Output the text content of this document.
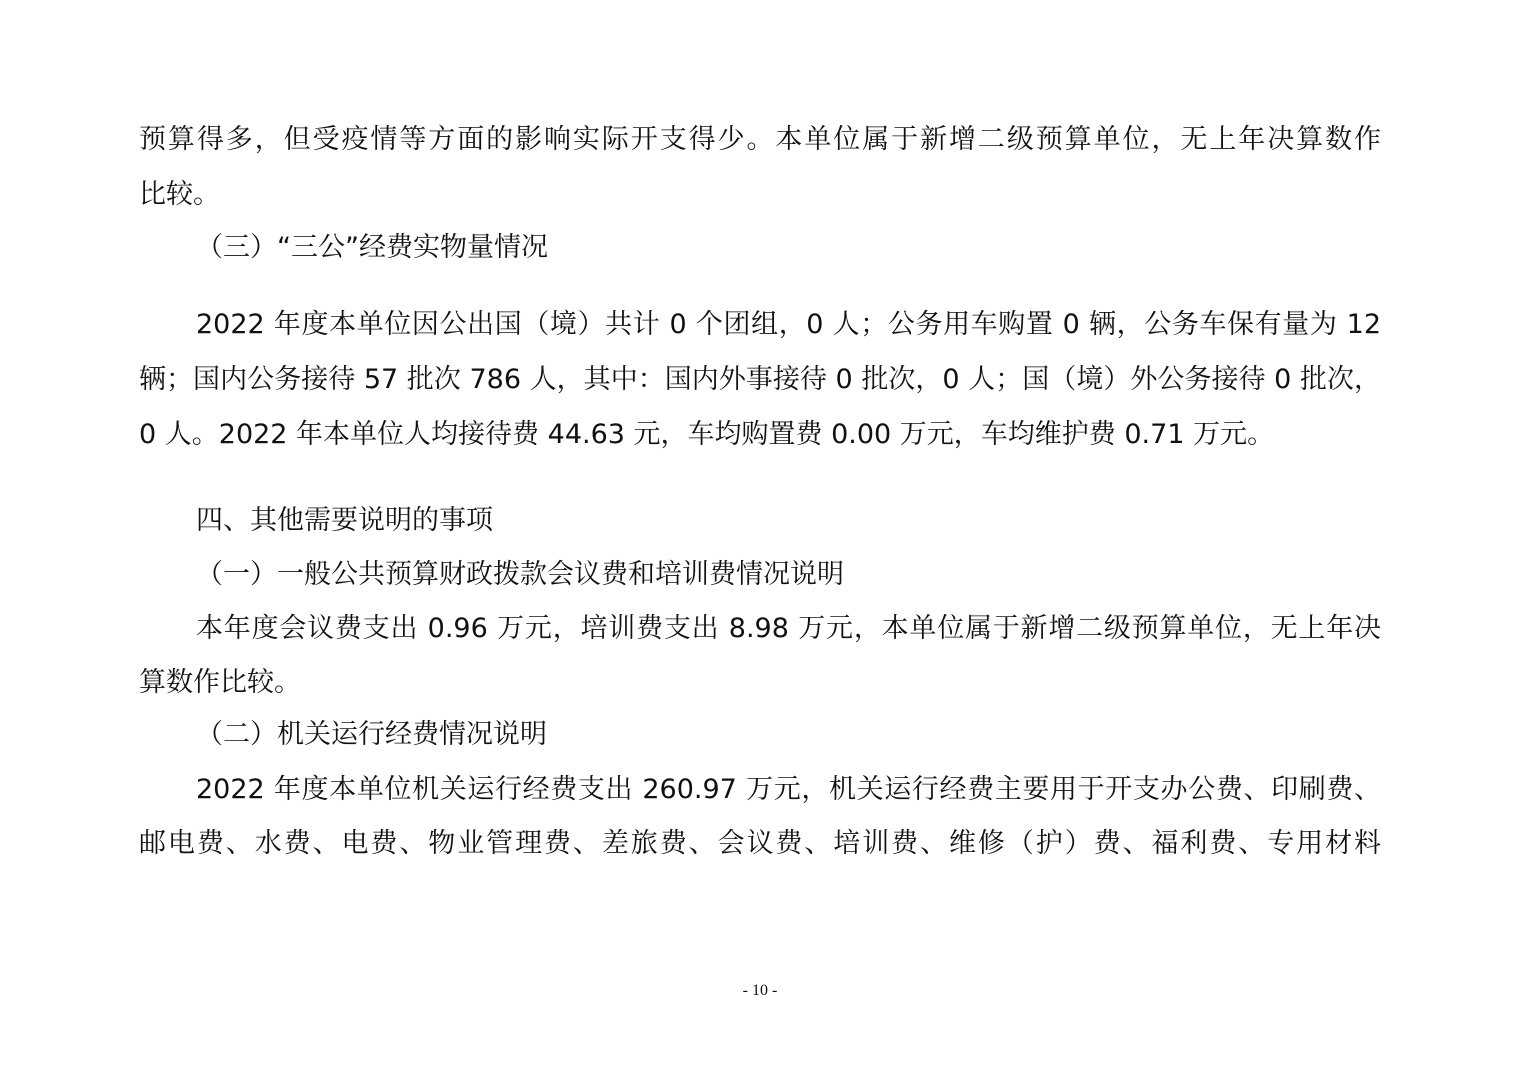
预算得多，但受疫情等方面的影响实际开支得少。本单位属于新增二级预算单位，无上年决算数作
比较。
（三）“三公”经费实物量情况
2022 年度本单位因公出国（境）共计 0 个团组，0 人；公务用车购置 0 辆，公务车保有量为 12
辆；国内公务接待 57 批次 786 人，其中：国内外事接待 0 批次，0 人；国（境）外公务接待 0 批次，
0 人。2022 年本单位人均接待费 44.63 元，车均购置费 0.00 万元，车均维护费 0.71 万元。
四、其他需要说明的事项
（一）一般公共预算财政拨款会议费和培训费情况说明
本年度会议费支出 0.96 万元，培训费支出 8.98 万元，本单位属于新增二级预算单位，无上年决
算数作比较。
（二）机关运行经费情况说明
2022 年度本单位机关运行经费支出 260.97 万元，机关运行经费主要用于开支办公费、印刷费、
邮电费、水费、电费、物业管理费、差旅费、会议费、培训费、维修（护）费、福利费、专用材料
- 10 -
